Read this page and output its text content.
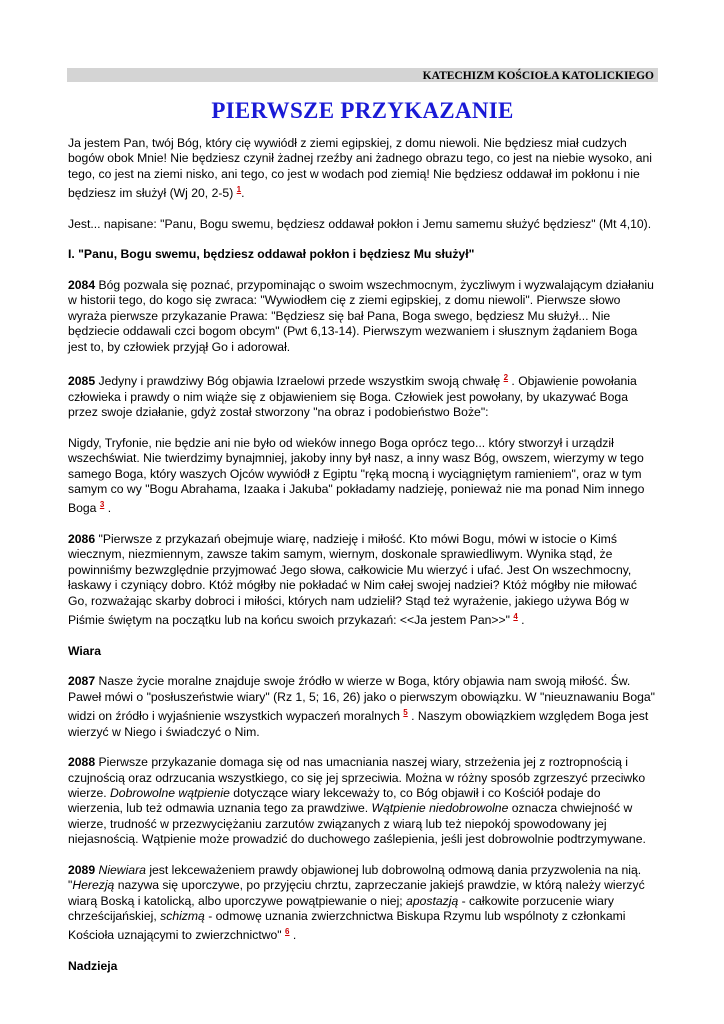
KATECHIZM KOŚCIOŁA KATOLICKIEGO
PIERWSZE PRZYKAZANIE

Ja jestem Pan, twój Bóg, który cię wywiódł z ziemi egipskiej, z domu niewoli. Nie będziesz miał cudzych bogów obok Mnie! Nie będziesz czynił żadnej rzeźby ani żadnego obrazu tego, co jest na niebie wysoko, ani tego, co jest na ziemi nisko, ani tego, co jest w wodach pod ziemią! Nie będziesz oddawał im pokłonu i nie będziesz im służył (Wj 20, 2-5) $^1$.

Jest... napisane: "Panu, Bogu swemu, będziesz oddawał pokłon i Jemu samemu służyć będziesz" (Mt 4,10).

I. "Panu, Bogu swemu, będziesz oddawał pokłon i będziesz Mu służył"

2084 Bóg pozwala się poznać, przypominając o swoim wszechmocnym, życzliwym i wyzwalającym działaniu w historii tego, do kogo się zwraca: "Wywiodłem cię z ziemi egipskiej, z domu niewoli". Pierwsze słowo wyraża pierwsze przykazanie Prawa: "Będziesz się bał Pana, Boga swego, będziesz Mu służył... Nie będziecie oddawali czci bogom obcym" (Pwt 6,13-14). Pierwszym wezwaniem i słusznym żądaniem Boga jest to, by człowiek przyjął Go i adorował.

2085 Jedyny i prawdziwy Bóg objawia Izraelowi przede wszystkim swoją chwałę $^2$ . Objawienie powołania człowieka i prawdy o nim wiąże się z objawieniem się Boga. Człowiek jest powołany, by ukazywać Boga przez swoje działanie, gdyż został stworzony "na obraz i podobieństwo Boże":

Nigdy, Tryfonie, nie będzie ani nie było od wieków innego Boga oprócz tego... który stworzył i urządził wszechświat. Nie twierdzimy bynajmniej, jakoby inny był nasz, a inny wasz Bóg, owszem, wierzymy w tego samego Boga, który waszych Ojców wywiódł z Egiptu "ręką mocną i wyciągniętym ramieniem", oraz w tym samym co wy "Bogu Abrahama, Izaaka i Jakuba" pokładamy nadzieję, ponieważ nie ma ponad Nim innego Boga $^3$ .

2086 "Pierwsze z przykazań obejmuje wiarę, nadzieję i miłość. Kto mówi Bogu, mówi w istocie o Kimś wiecznym, niezmiennym, zawsze takim samym, wiernym, doskonale sprawiedliwym. Wynika stąd, że powinniśmy bezwzględnie przyjmować Jego słowa, całkowicie Mu wierzyć i ufać. Jest On wszechmocny, łaskawy i czyniący dobro. Któż mógłby nie pokładać w Nim całej swojej nadziei? Któż mógłby nie miłować Go, rozważając skarby dobroci i miłości, których nam udzielił? Stąd też wyrażenie, jakiego używa Bóg w Piśmie świętym na początku lub na końcu swoich przykazań: <<Ja jestem Pan>>" $^4$ .

Wiara

2087 Nasze życie moralne znajduje swoje źródło w wierze w Boga, który objawia nam swoją miłość. Św. Paweł mówi o "posłuszeństwie wiary" (Rz 1, 5; 16, 26) jako o pierwszym obowiązku. W "nieuznawaniu Boga" widzi on źródło i wyjaśnienie wszystkich wypaczeń moralnych $^5$ . Naszym obowiązkiem względem Boga jest wierzyć w Niego i świadczyć o Nim.

2088 Pierwsze przykazanie domaga się od nas umacniania naszej wiary, strzeżenia jej z roztropnością i czujnością oraz odrzucania wszystkiego, co się jej sprzeciwia. Można w różny sposób zgrzeszyć przeciwko wierze. Dobrowolne wątpienie dotyczące wiary lekceważy to, co Bóg objawił i co Kościół podaje do wierzenia, lub też odmawia uznania tego za prawdziwe. Wątpienie niedobrowolne oznacza chwiejność w wierze, trudność w przezwyciężaniu zarzutów związanych z wiarą lub też niepokój spowodowany jej niejasnością. Wątpienie może prowadzić do duchowego zaślepienia, jeśli jest dobrowolnie podtrzymywane.

2089 Niewiara jest lekceważeniem prawdy objawionej lub dobrowolną odmową dania przyzwolenia na nią. "Herezją nazywa się uporczywe, po przyjęciu chrztu, zaprzeczanie jakiejś prawdzie, w którą należy wierzyć wiarą Boską i katolicką, albo uporczywe powątpiewanie o niej; apostazją - całkowite porzucenie wiary chrześcijańskiej, schizmą - odmowę uznania zwierzchnictwa Biskupa Rzymu lub wspólnoty z członkami Kościoła uznającymi to zwierzchnictwo" $^6$ .

Nadzieja
